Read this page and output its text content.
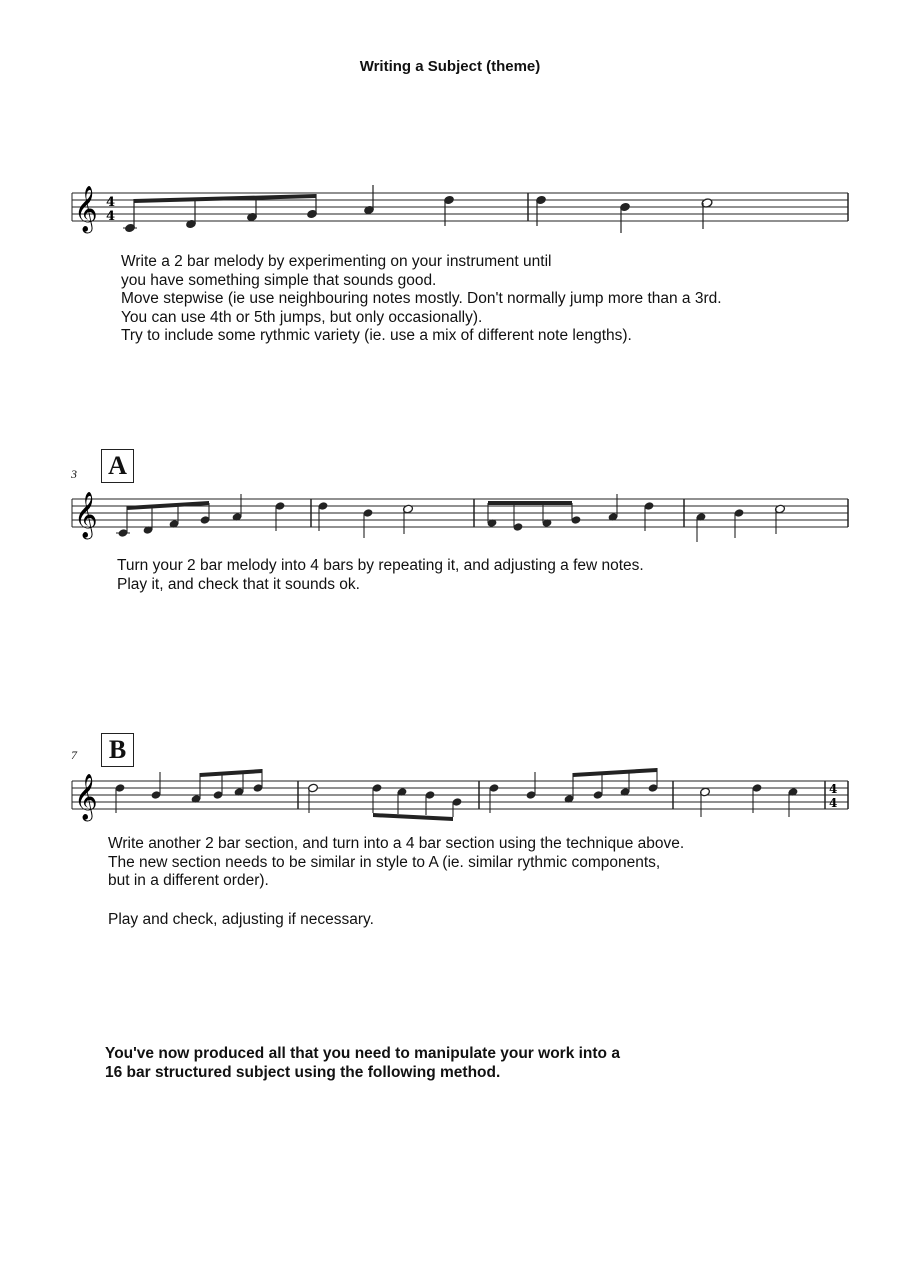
Writing a Subject (theme)
𝄞 4
4
Write a 2 bar melody by experimenting on your instrument until
you have something simple that sounds good.
Move stepwise (ie use neighbouring notes mostly. Don't normally jump more than a 3rd.
You can use 4th or 5th jumps, but only occasionally).
Try to include some rythmic variety (ie. use a mix of different note lengths).
3 A
𝄞
Turn your 2 bar melody into 4 bars by repeating it, and adjusting a few notes.
Play it, and check that it sounds ok.
7	B
𝄞	4
4
Write another 2 bar section, and turn into a 4 bar section using the technique above.
The new section needs to be similar in style to A (ie. similar rythmic components,
but in a different order).
Play and check, adjusting if necessary.
You've now produced all that you need to manipulate your work into a
16 bar structured subject using the following method.
